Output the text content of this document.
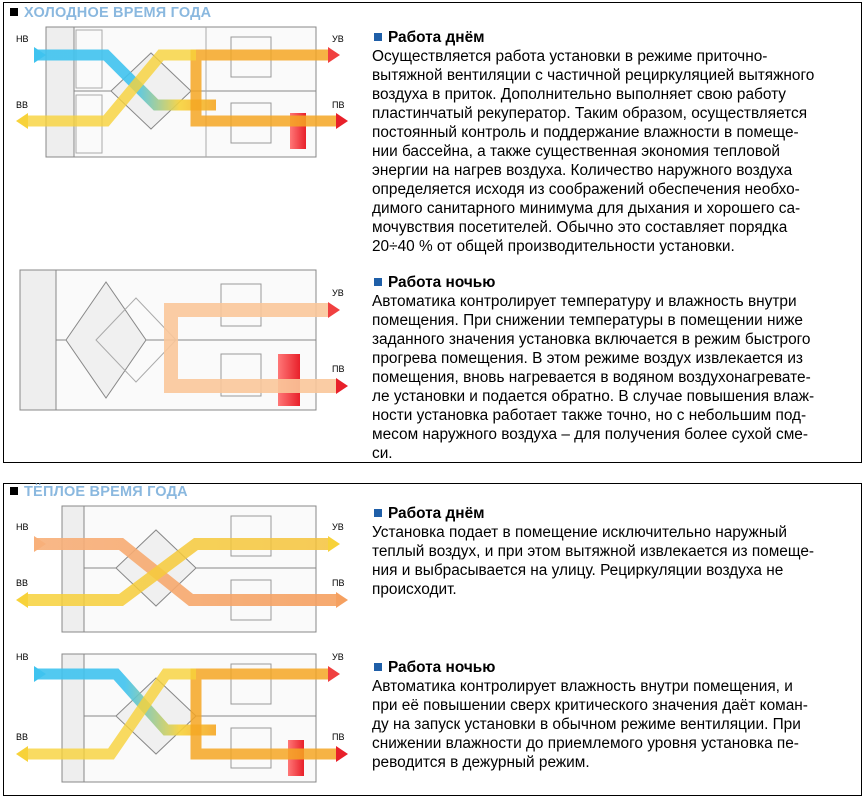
ХОЛОДНОЕ ВРЕМЯ ГОДА
НВ
ВВ
УВ
ПВ
Работа днём
Осуществляется работа установки в режиме приточно-
вытяжной вентиляции с частичной рециркуляцией вытяжного
воздуха в приток. Дополнительно выполняет свою работу
пластинчатый рекуператор. Таким образом, осуществляется
постоянный контроль и поддержание влажности в помеще-
нии бассейна, а также существенная экономия тепловой
энергии на нагрев воздуха. Количество наружного воздуха
определяется исходя из соображений обеспечения необхо-
димого санитарного минимума для дыхания и хорошего са-
мочувствия посетителей. Обычно это составляет порядка
20÷40 % от общей производительности установки.
УВ
ПВ
Работа ночью
Автоматика контролирует температуру и влажность внутри
помещения. При снижении температуры в помещении ниже
заданного значения установка включается в режим быстрого
прогрева помещения. В этом режиме воздух извлекается из
помещения, вновь нагревается в водяном воздухонагревате-
ле установки и подается обратно. В случае повышения влаж-
ности установка работает также точно, но с небольшим под-
месом наружного воздуха – для получения более сухой сме-
си.
ТЁПЛОЕ ВРЕМЯ ГОДА
НВ
ВВ
УВ
ПВ
Работа днём
Установка подает в помещение исключительно наружный
теплый воздух, и при этом вытяжной извлекается из помеще-
ния и выбрасывается на улицу. Рециркуляции воздуха не
происходит.
НВ
ВВ
УВ
ПВ
Работа ночью
Автоматика контролирует влажность внутри помещения, и
при её повышении сверх критического значения даёт коман-
ду на запуск установки в обычном режиме вентиляции. При
снижении влажности до приемлемого уровня установка пе-
реводится в дежурный режим.
